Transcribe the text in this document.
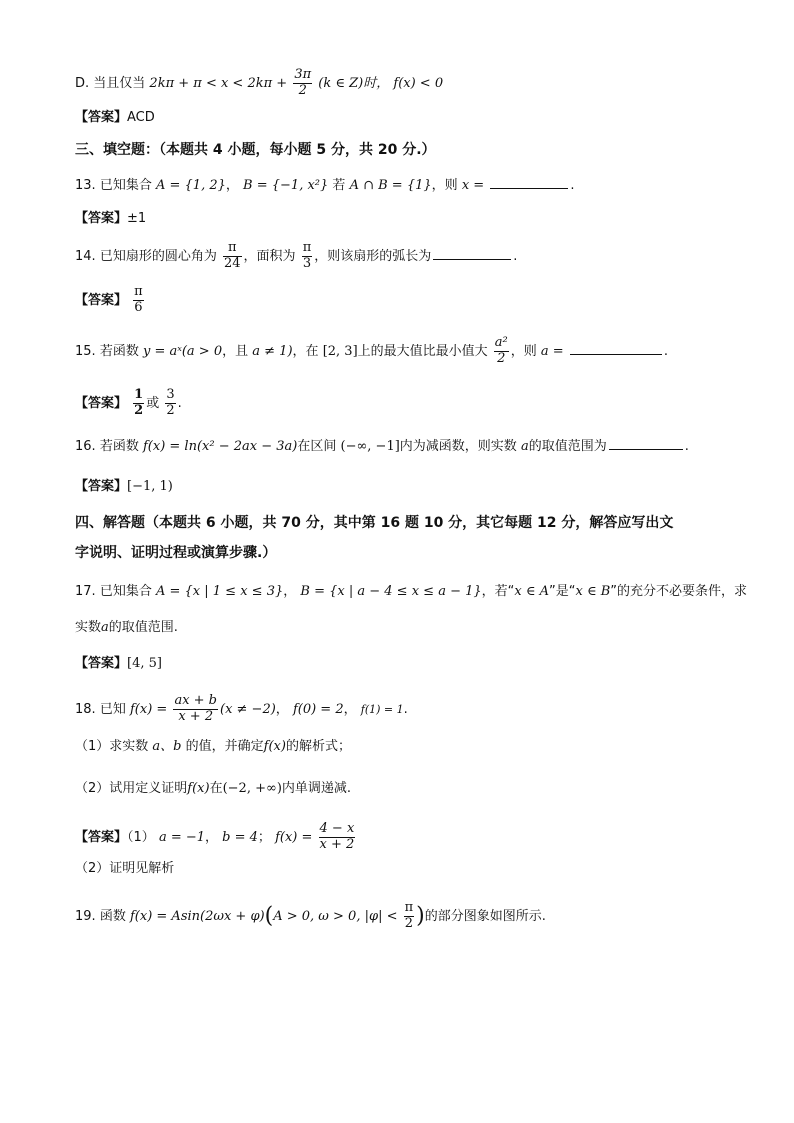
D. 当且仅当 $2k\pi + \pi < x < 2k\pi + \frac{3\pi}{2} (k$ ∈ Z)时， f(x) < 0
【答案】ACD
三、填空题：（本题共 4 小题，每小题 5 分，共 20 分.）
13. 已知集合 A = {1, 2}， B = {−1, x²} 若 A ∩ B = {1}，则 x =	.
【答案】±1
14. 已知扇形的圆心角为 $\frac{\pi}{24}$ ，面积为 $\frac{\pi}{3}$ ，则该扇形的弧长为	.
【答案】 $\frac{\pi}{6}$
15. 若函数 y = aˣ(a > 0，且 a ≠ 1)，在 [2, 3]上的最大值比最小值大 $\frac{\text{a²}}{2}$ ，则 a =	.
【答案】 $\frac{1}{2}$ 或 $\frac{3}{2}$ .
16. 若函数 f(x) = ln(x² − 2ax − 3a)在区间 (−∞, −1]内为减函数，则实数 a的取值范围为	.
【答案】[−1, 1)
四、解答题（本题共 6 小题，共 70 分，其中第 16 题 10 分，其它每题 12 分，解答应写出文
字说明、证明过程或演算步骤.）
17. 已知集合 A = {x | 1 ≤ x ≤ 3}， B = {x | a − 4 ≤ x ≤ a − 1}，若“x ∈ A”是“x ∈ B”的充分不必要条件，求
实数a的取值范围.
【答案】[4, 5]
18. 已知 $f(x) = \frac{ax + b}{x + 2} (x \ne -2)$， f(0) = 2， f(1) = 1.
（1）求实数 a、b 的值，并确定f(x)的解析式；
（2）试用定义证明f(x)在(−2, +∞)内单调递减.
【答案】（1） a = −1， b = 4； $f(x) = \frac{4 - x}{x + 2}$
（2）证明见解析
19. 函数 f(x) = Asin(2ωx + φ)(A > 0, ω > 0, $|\varphi| < \frac{\pi}{2}$ )的部分图象如图所示.
